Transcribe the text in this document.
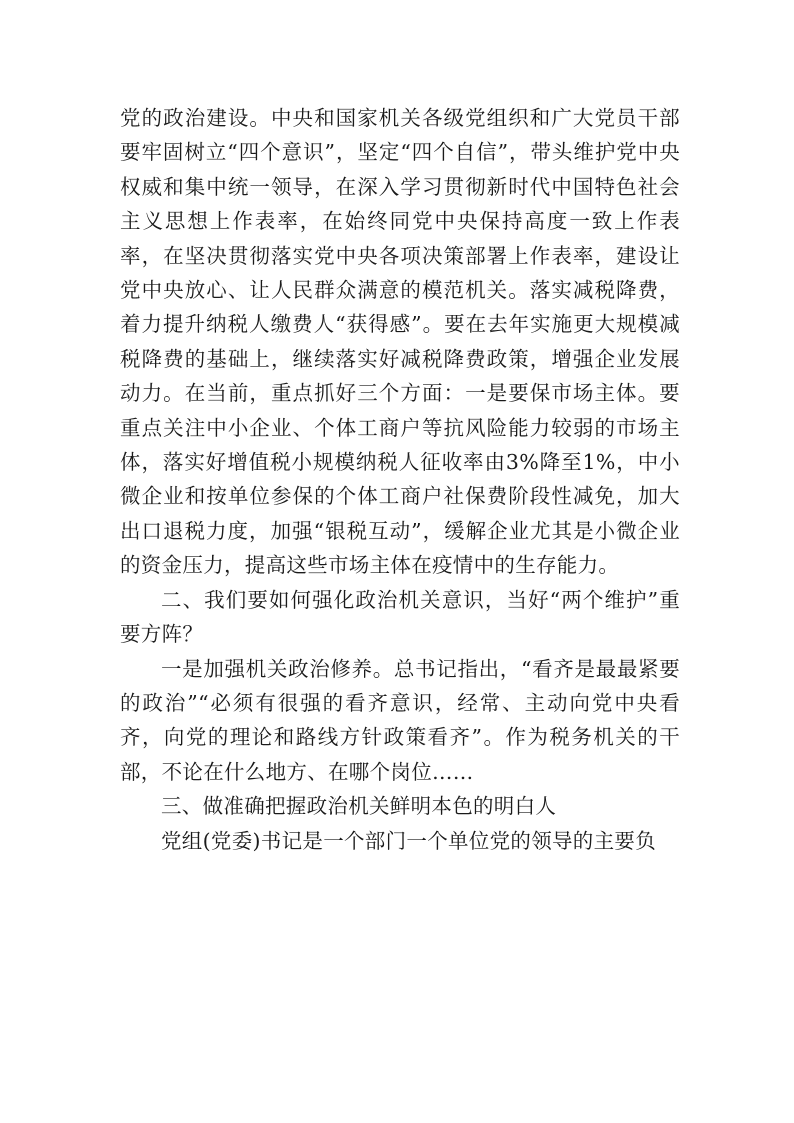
党的政治建设。中央和国家机关各级党组织和广大党员干部要牢固树立“四个意识”，坚定“四个自信”，带头维护党中央权威和集中统一领导，在深入学习贯彻新时代中国特色社会主义思想上作表率，在始终同党中央保持高度一致上作表率，在坚决贯彻落实党中央各项决策部署上作表率，建设让党中央放心、让人民群众满意的模范机关。落实减税降费，着力提升纳税人缴费人“获得感”。要在去年实施更大规模减税降费的基础上，继续落实好减税降费政策，增强企业发展动力。在当前，重点抓好三个方面：一是要保市场主体。要重点关注中小企业、个体工商户等抗风险能力较弱的市场主体，落实好增值税小规模纳税人征收率由3%降至1%，中小微企业和按单位参保的个体工商户社保费阶段性减免，加大出口退税力度，加强“银税互动”，缓解企业尤其是小微企业的资金压力，提高这些市场主体在疫情中的生存能力。

二、我们要如何强化政治机关意识，当好“两个维护”重要方阵？

一是加强机关政治修养。总书记指出，“看齐是最最紧要的政治”“必须有很强的看齐意识，经常、主动向党中央看齐，向党的理论和路线方针政策看齐”。作为税务机关的干部，不论在什么地方、在哪个岗位……

三、做准确把握政治机关鲜明本色的明白人

党组(党委)书记是一个部门一个单位党的领导的主要负
